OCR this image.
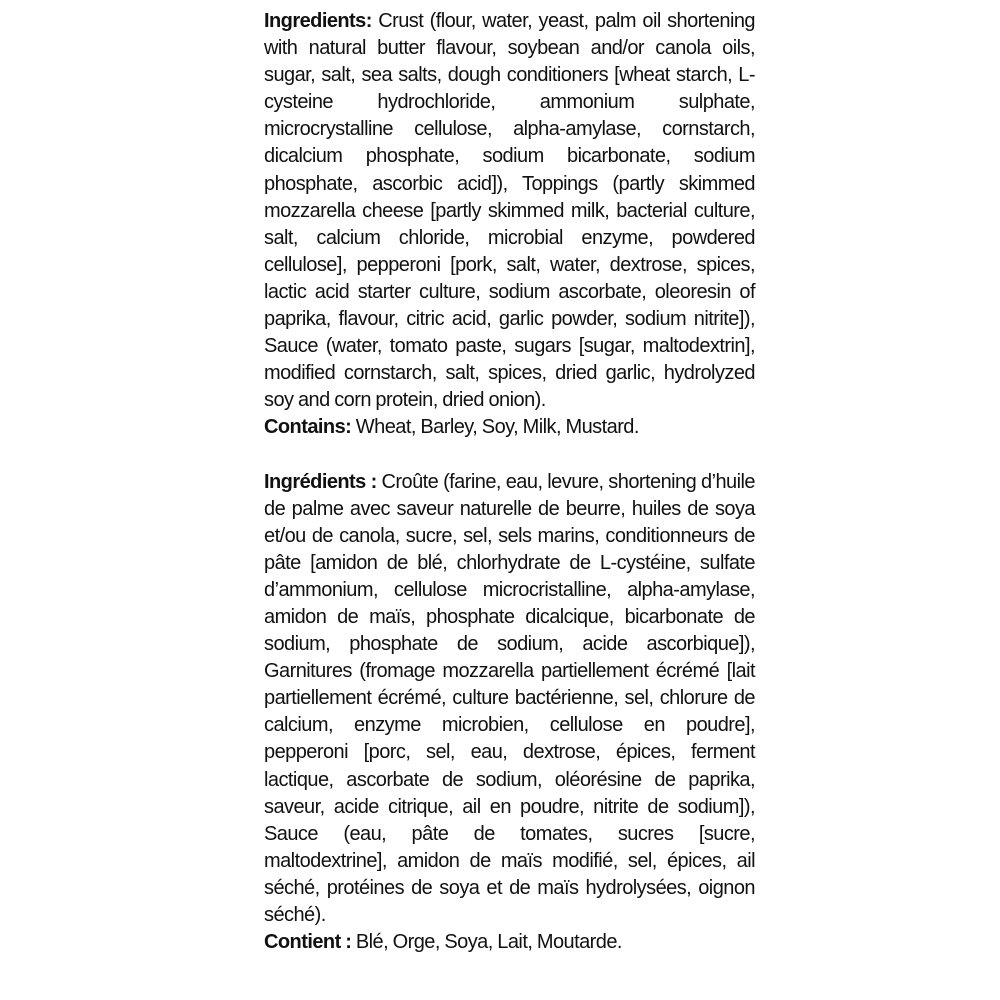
Ingredients: Crust (flour, water, yeast, palm oil shortening with natural butter flavour, soybean and/or canola oils, sugar, salt, sea salts, dough conditioners [wheat starch, L-cysteine hydrochloride, ammonium sulphate, microcrystalline cellulose, alpha-amylase, cornstarch, dicalcium phosphate, sodium bicarbonate, sodium phosphate, ascorbic acid]), Toppings (partly skimmed mozzarella cheese [partly skimmed milk, bacterial culture, salt, calcium chloride, microbial enzyme, powdered cellulose], pepperoni [pork, salt, water, dextrose, spices, lactic acid starter culture, sodium ascorbate, oleoresin of paprika, flavour, citric acid, garlic powder, sodium nitrite]), Sauce (water, tomato paste, sugars [sugar, maltodextrin], modified cornstarch, salt, spices, dried garlic, hydrolyzed soy and corn protein, dried onion).

Contains: Wheat, Barley, Soy, Milk, Mustard.

Ingrédients : Croûte (farine, eau, levure, shortening d’huile de palme avec saveur naturelle de beurre, huiles de soya et/ou de canola, sucre, sel, sels marins, conditionneurs de pâte [amidon de blé, chlorhydrate de L-cystéine, sulfate d’ammonium, cellulose microcristalline, alpha-amylase, amidon de maïs, phosphate dicalcique, bicarbonate de sodium, phosphate de sodium, acide ascorbique]), Garnitures (fromage mozzarella partiellement écrémé [lait partiellement écrémé, culture bactérienne, sel, chlorure de calcium, enzyme microbien, cellulose en poudre], pepperoni [porc, sel, eau, dextrose, épices, ferment lactique, ascorbate de sodium, oléorésine de paprika, saveur, acide citrique, ail en poudre, nitrite de sodium]), Sauce (eau, pâte de tomates, sucres [sucre, maltodextrine], amidon de maïs modifié, sel, épices, ail séché, protéines de soya et de maïs hydrolysées, oignon séché).

Contient : Blé, Orge, Soya, Lait, Moutarde.
